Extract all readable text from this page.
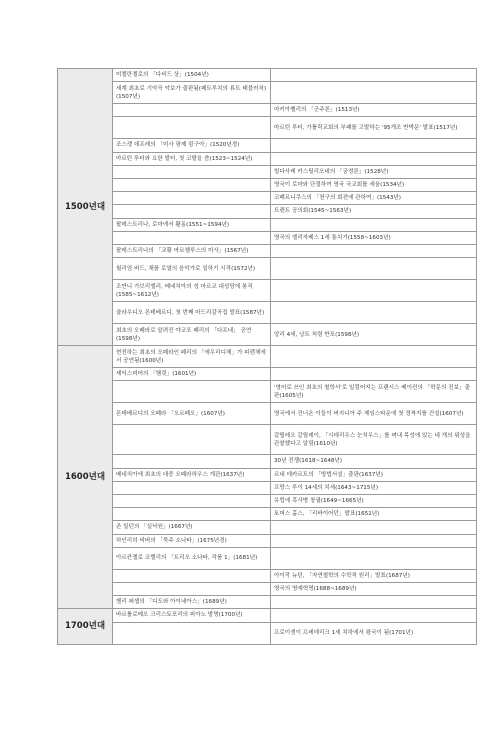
1500년대	미켈란젤로의 「다비드 상」(1504년)	
	세계 최초로 기악곡 악보가 출판됨(페트루치의 류트 태블러처)(1507년)	
		마키아벨리의 「군주론」(1513년)
		마르틴 루터, 가톨릭교회의 부패를 고발하는 '95개조 반박문' 발표(1517년)
	조스캥 데프레의 「미사 팡제 링구아」(1520년경)	
	마르틴 루터와 요한 발터, 첫 코랄을 씀(1523~1524년)	
		빌다사레 카스틸리오네의 「궁정론」(1528년)
		영국이 로마와 단절하여 영국 국교회를 세움(1534년)
		코페르니쿠스의 「천구의 회전에 관하여」(1543년)
		트렌트 공의회(1545~1563년)
	팔레스트리나, 로마에서 활동(1551~1594년)	
		영국의 엘리자베스 1세 통치기(1558~1603년)
	팔레스트리나의 「교황 마르첼루스의 미사」(1567년)	
	윌리엄 버드, 채플 로열의 음악가로 일하기 시작(1572년)	
	조반니 가브리엘리, 베네치아의 성 마르코 대성당에 봉직(1585~1612년)	
	클라우디오 몬테베르디, 첫 번째 마드리갈곡집 발표(1587년)	
	최초의 오페라로 알려진 야코포 페리의 「다프네」 공연(1598년)	앙리 4세, 낭트 칙령 반포(1598년)
1600년대	현전하는 최초의 오페라인 페리의 「에우리디체」가 피렌체에서 공연됨(1600년)	
	셰익스피어의 「햄릿」(1601년)	
		'영어로 쓰인 최초의 철학서'로 일컬어지는 프랜시스 베이컨의 「학문의 진보」출판(1605년)
	몬테베르디의 오페라 「오르페오」(1607년)	영국에서 건너온 이들이 버지니아 주 제임스타운에 첫 정착지를 건설(1607년)
		갈릴레오 갈릴레이, 「시데리우스 눈치우스」를 펴내 목성에 있는 네 개의 위성을 관찰했다고 알림(1610년)
		30년 전쟁(1618~1648년)
	베네치아에 최초의 대중 오페라하우스 개관(1637년)	르네 데카르트의 「방법서설」출판(1637년)
		프랑스 루이 14세의 치세(1643~1715년)
		유럽에 흑사병 창궐(1649~1665년)
		토머스 홉스, 「리바이어던」발표(1651년)
	존 밀턴의 「실낙원」(1667년)	
	하인리히 비버의 「묵주 소나타」(1675년경)	
	아르칸젤로 코렐리의 「트리오 소나타, 작품 1」(1681년)	
		아이작 뉴턴, 「자연철학의 수학적 원리」발표(1687년)
		영국의 명예혁명(1688~1689년)
	헨리 퍼셀의 「디도와 아이네아스」(1689년)	
1700년대	바르톨로메오 크리스토포리의 피아노 발명(1700년)	
		프로이센이 프레데리크 1세 치하에서 왕국이 됨(1701년)
